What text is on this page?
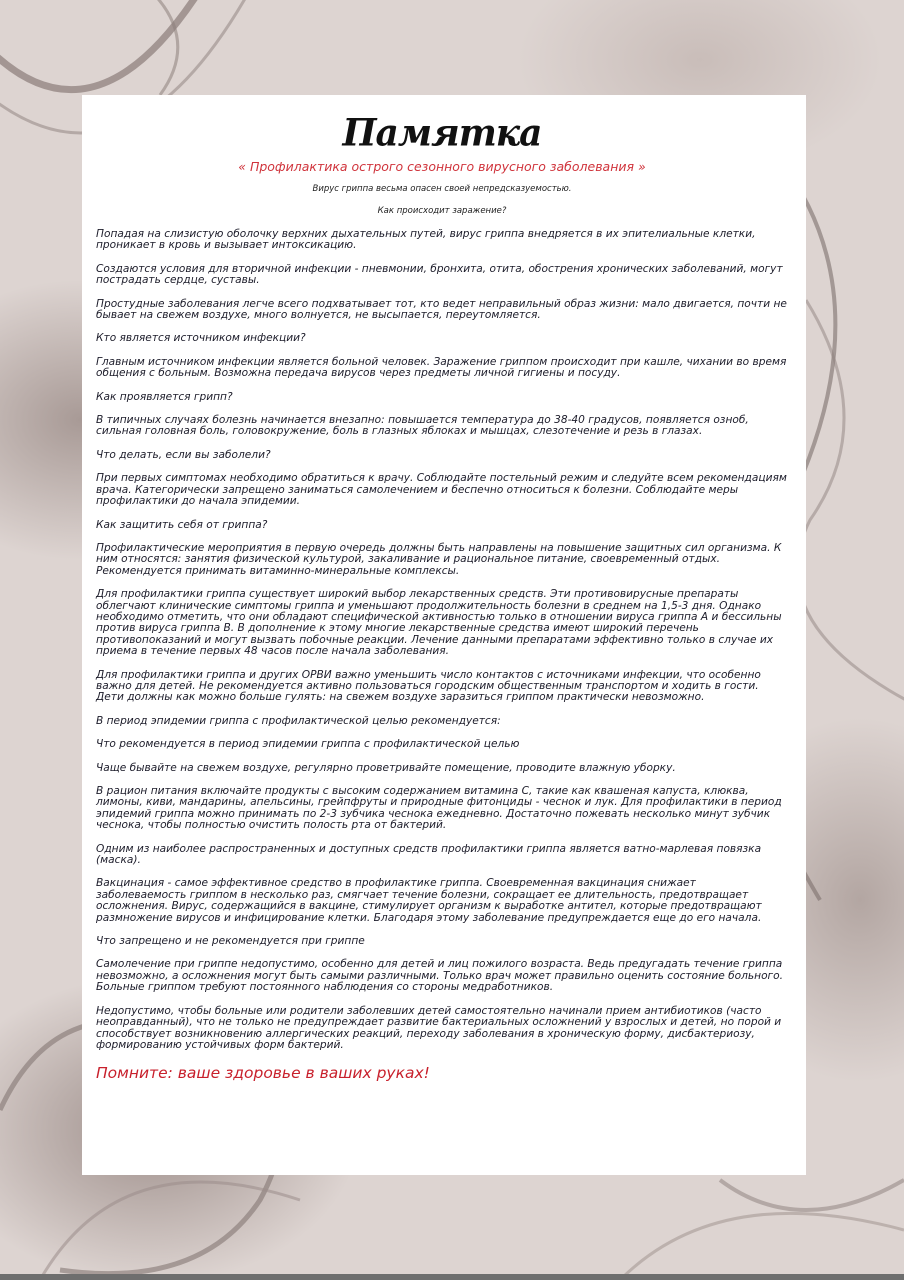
Памятка
« Профилактика острого сезонного вирусного заболевания »
Вирус гриппа весьма опасен своей непредсказуемостью.
Как происходит заражение?

Попадая на слизистую оболочку верхних дыхательных путей, вирус гриппа внедряется в их эпителиальные клетки, проникает в кровь и вызывает интоксикацию.

Создаются условия для вторичной инфекции - пневмонии, бронхита, отита, обострения хронических заболеваний, могут пострадать сердце, суставы.

Простудные заболевания легче всего подхватывает тот, кто ведет неправильный образ жизни: мало двигается, почти не бывает на свежем воздухе, много волнуется, не высыпается, переутомляется.

Кто является источником инфекции?

Главным источником инфекции является больной человек. Заражение гриппом происходит при кашле, чихании во время общения с больным. Возможна передача вирусов через предметы личной гигиены и посуду.

Как проявляется грипп?

В типичных случаях болезнь начинается внезапно: повышается температура до 38-40 градусов, появляется озноб, сильная головная боль, головокружение, боль в глазных яблоках и мышцах, слезотечение и резь в глазах.

Что делать, если вы заболели?

При первых симптомах необходимо обратиться к врачу. Соблюдайте постельный режим и следуйте всем рекомендациям врача. Категорически запрещено заниматься самолечением и беспечно относиться к болезни. Соблюдайте меры профилактики до начала эпидемии.

Как защитить себя от гриппа?

Профилактические мероприятия в первую очередь должны быть направлены на повышение защитных сил организма. К ним относятся: занятия физической культурой, закаливание и рациональное питание, своевременный отдых. Рекомендуется принимать витаминно-минеральные комплексы.

Для профилактики гриппа существует широкий выбор лекарственных средств. Эти противовирусные препараты облегчают клинические симптомы гриппа и уменьшают продолжительность болезни в среднем на 1,5-3 дня. Однако необходимо отметить, что они обладают специфической активностью только в отношении вируса гриппа А и бессильны против вируса гриппа В. В дополнение к этому многие лекарственные средства имеют широкий перечень противопоказаний и могут вызвать побочные реакции. Лечение данными препаратами эффективно только в случае их приема в течение первых 48 часов после начала заболевания.

Для профилактики гриппа и других ОРВИ важно уменьшить число контактов с источниками инфекции, что особенно важно для детей. Не рекомендуется активно пользоваться городским общественным транспортом и ходить в гости. Дети должны как можно больше гулять: на свежем воздухе заразиться гриппом практически невозможно.

В период эпидемии гриппа с профилактической целью рекомендуется:

Что рекомендуется в период эпидемии гриппа с профилактической целью

Чаще бывайте на свежем воздухе, регулярно проветривайте помещение, проводите влажную уборку.

В рацион питания включайте продукты с высоким содержанием витамина С, такие как квашеная капуста, клюква, лимоны, киви, мандарины, апельсины, грейпфруты и природные фитонциды - чеснок и лук. Для профилактики в период эпидемий гриппа можно принимать по 2-3 зубчика чеснока ежедневно. Достаточно пожевать несколько минут зубчик чеснока, чтобы полностью очистить полость рта от бактерий.

Одним из наиболее распространенных и доступных средств профилактики гриппа является ватно-марлевая повязка (маска).

Вакцинация - самое эффективное средство в профилактике гриппа. Своевременная вакцинация снижает заболеваемость гриппом в несколько раз, смягчает течение болезни, сокращает ее длительность, предотвращает осложнения. Вирус, содержащийся в вакцине, стимулирует организм к выработке антител, которые предотвращают размножение вирусов и инфицирование клетки. Благодаря этому заболевание предупреждается еще до его начала.

Что запрещено и не рекомендуется при гриппе

Самолечение при гриппе недопустимо, особенно для детей и лиц пожилого возраста. Ведь предугадать течение гриппа невозможно, а осложнения могут быть самыми различными. Только врач может правильно оценить состояние больного. Больные гриппом требуют постоянного наблюдения со стороны медработников.

Недопустимо, чтобы больные или родители заболевших детей самостоятельно начинали прием антибиотиков (часто неоправданный), что не только не предупреждает развитие бактериальных осложнений у взрослых и детей, но порой и способствует возникновению аллергических реакций, переходу заболевания в хроническую форму, дисбактериозу, формированию устойчивых форм бактерий.

Помните: ваше здоровье в ваших руках!
